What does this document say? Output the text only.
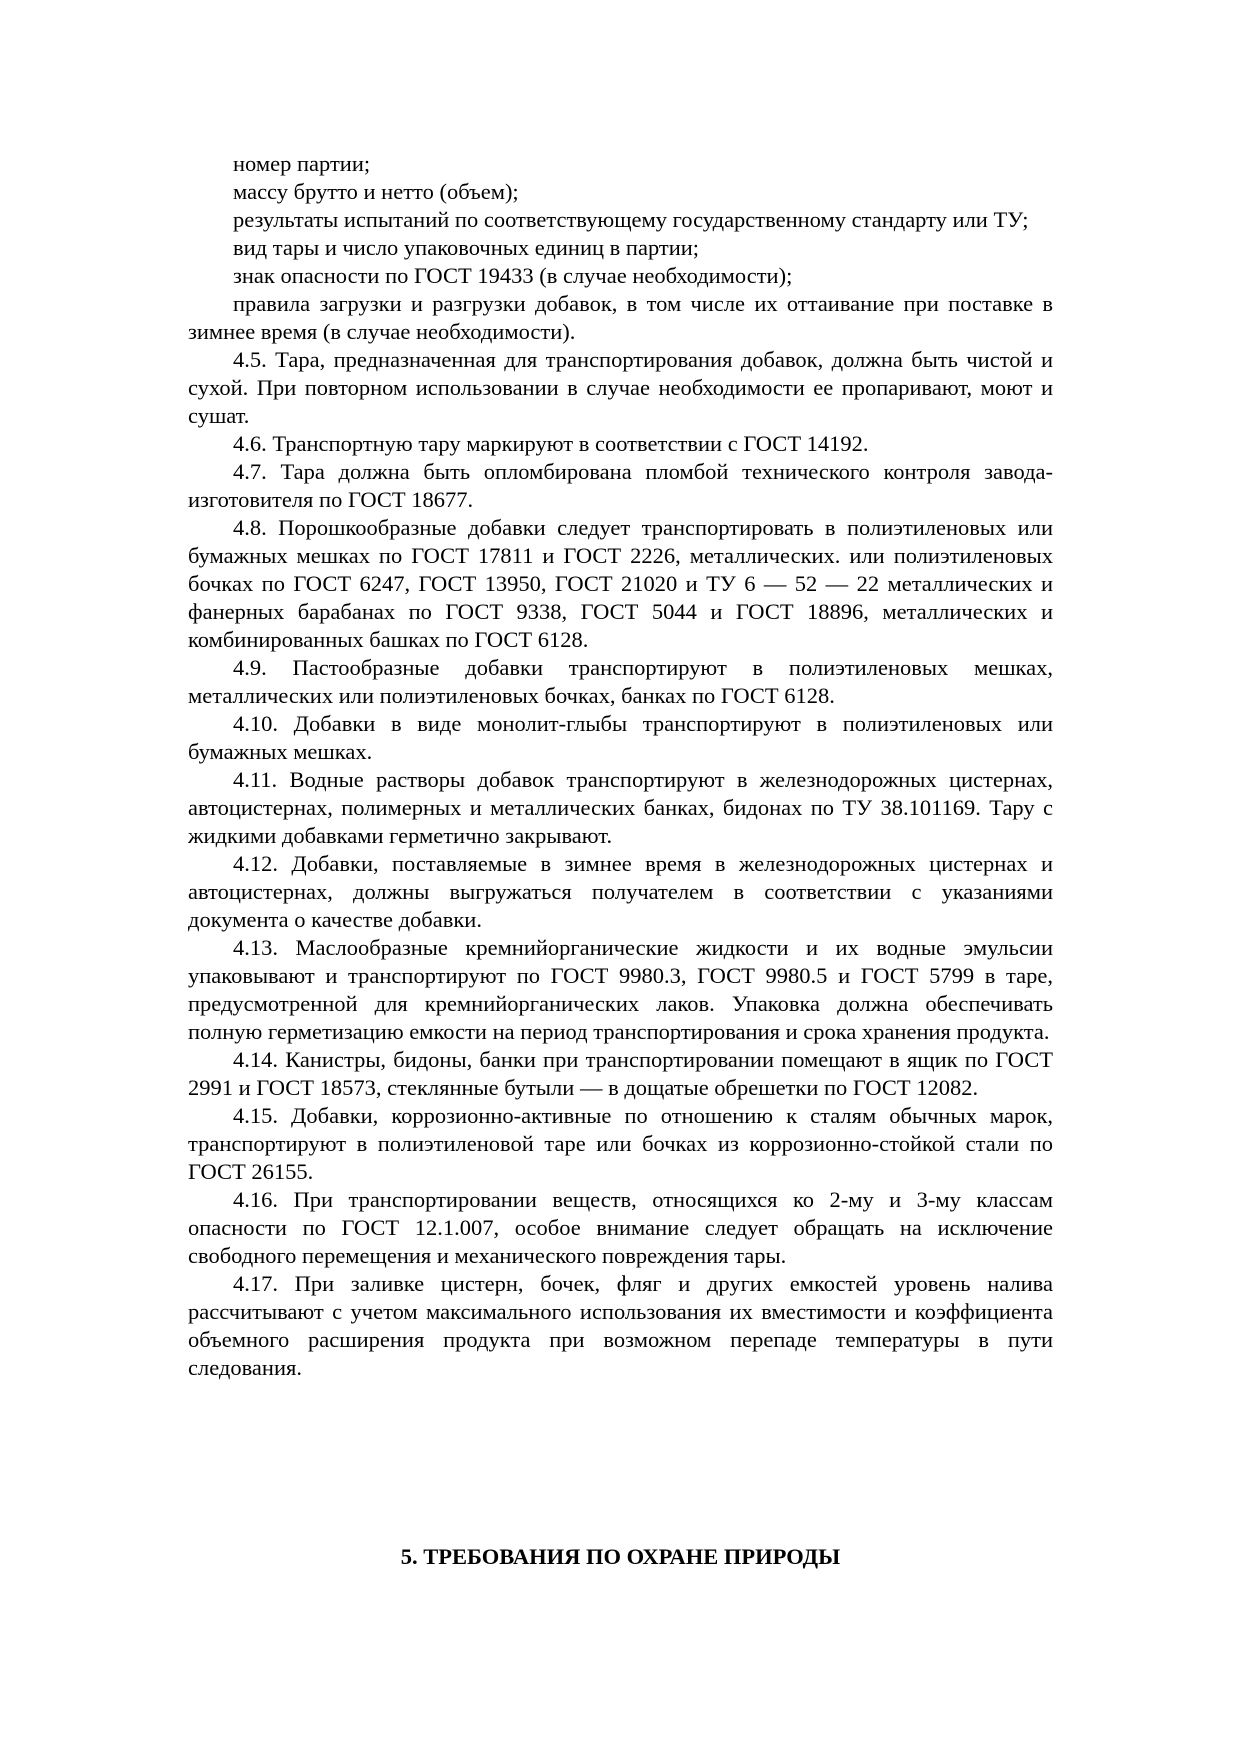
номер партии;

массу брутто и нетто (объем);

результаты испытаний по соответствующему государственному стандарту или ТУ;

вид тары и число упаковочных единиц в партии;

знак опасности по ГОСТ 19433 (в случае необходимости);

правила загрузки и разгрузки добавок, в том числе их оттаивание при поставке в зимнее время (в случае необходимости).

4.5. Тара, предназначенная для транспортирования добавок, должна быть чистой и сухой. При повторном использовании в случае необходимости ее пропаривают, моют и сушат.

4.6. Транспортную тару маркируют в соответствии с ГОСТ 14192.

4.7. Тара должна быть опломбирована пломбой технического контроля завода-изготовителя по ГОСТ 18677.

4.8. Порошкообразные добавки следует транспортировать в полиэтиленовых или бумажных мешках по ГОСТ 17811 и ГОСТ 2226, металлических. или полиэтиленовых бочках по ГОСТ 6247, ГОСТ 13950, ГОСТ 21020 и ТУ 6 — 52 — 22 металлических и фанерных барабанах по ГОСТ 9338, ГОСТ 5044 и ГОСТ 18896, металлических и комбинированных башках по ГОСТ 6128.

4.9. Пастообразные добавки транспортируют в полиэтиленовых мешках, металлических или полиэтиленовых бочках, банках по ГОСТ 6128.

4.10. Добавки в виде монолит-глыбы транспортируют в полиэтиленовых или бумажных мешках.

4.11. Водные растворы добавок транспортируют в железнодорожных цистернах, автоцистернах, полимерных и металлических банках, бидонах по ТУ 38.101169. Тару с жидкими добавками герметично закрывают.

4.12. Добавки, поставляемые в зимнее время в железнодорожных цистернах и автоцистернах, должны выгружаться получателем в соответствии с указаниями документа о качестве добавки.

4.13. Маслообразные кремнийорганические жидкости и их водные эмульсии упаковывают и транспортируют по ГОСТ 9980.3, ГОСТ 9980.5 и ГОСТ 5799 в таре, предусмотренной для кремнийорганических лаков. Упаковка должна обеспечивать полную герметизацию емкости на период транспортирования и срока хранения продукта.

4.14. Канистры, бидоны, банки при транспортировании помещают в ящик по ГОСТ 2991 и ГОСТ 18573, стеклянные бутыли — в дощатые обрешетки по ГОСТ 12082.

4.15. Добавки, коррозионно-активные по отношению к сталям обычных марок, транспортируют в полиэтиленовой таре или бочках из коррозионно-стойкой стали по ГОСТ 26155.

4.16. При транспортировании веществ, относящихся ко 2-му и 3-му классам опасности по ГОСТ 12.1.007, особое внимание следует обращать на исключение свободного перемещения и механического повреждения тары.

4.17. При заливке цистерн, бочек, фляг и других емкостей уровень налива рассчитывают с учетом максимального использования их вместимости и коэффициента объемного расширения продукта при возможном перепаде температуры в пути следования.

5. ТРЕБОВАНИЯ ПО ОХРАНЕ ПРИРОДЫ
